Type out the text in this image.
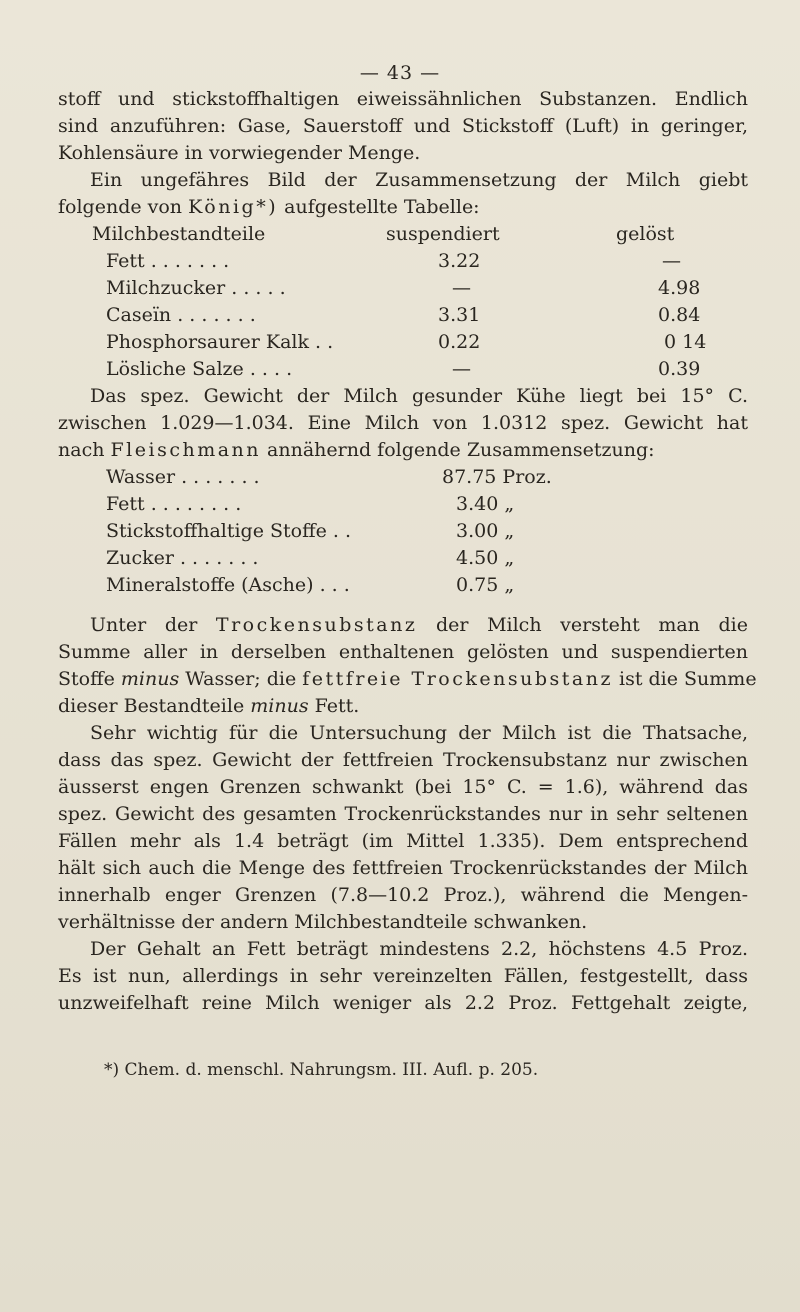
— 43 —
stoff und stickstoffhaltigen eiweissähnlichen Substanzen. Endlich
sind anzuführen: Gase, Sauerstoff und Stickstoff (Luft) in geringer,
Kohlensäure in vorwiegender Menge.
Ein ungefähres Bild der Zusammensetzung der Milch giebt
folgende von König*) aufgestellte Tabelle:
Milchbestandteile	suspendiert	gelöst
Fett . . . . . . .	3.22	—
Milchzucker . . . . .	—	4.98
Caseïn . . . . . . .	3.31	0.84
Phosphorsaurer Kalk . .	0.22	0 14
Lösliche Salze . . . .	—	0.39
Das spez. Gewicht der Milch gesunder Kühe liegt bei 15° C.
zwischen 1.029—1.034. Eine Milch von 1.0312 spez. Gewicht hat
nach Fleischmann annähernd folgende Zusammensetzung:
Wasser . . . . . . .	87.75 Proz.
Fett . . . . . . . .	3.40 „
Stickstoffhaltige Stoffe . .	3.00 „
Zucker . . . . . . .	4.50 „
Mineralstoffe (Asche) . . .	0.75 „
Unter der Trockensubstanz der Milch versteht man die
Summe aller in derselben enthaltenen gelösten und suspendierten
Stoffe minus Wasser; die fettfreie Trockensubstanz ist die Summe
dieser Bestandteile minus Fett.
Sehr wichtig für die Untersuchung der Milch ist die Thatsache,
dass das spez. Gewicht der fettfreien Trockensubstanz nur zwischen
äusserst engen Grenzen schwankt (bei 15° C. = 1.6), während das
spez. Gewicht des gesamten Trockenrückstandes nur in sehr seltenen
Fällen mehr als 1.4 beträgt (im Mittel 1.335). Dem entsprechend
hält sich auch die Menge des fettfreien Trockenrückstandes der Milch
innerhalb enger Grenzen (7.8—10.2 Proz.), während die Mengen-
verhältnisse der andern Milchbestandteile schwanken.
Der Gehalt an Fett beträgt mindestens 2.2, höchstens 4.5 Proz.
Es ist nun, allerdings in sehr vereinzelten Fällen, festgestellt, dass
unzweifelhaft reine Milch weniger als 2.2 Proz. Fettgehalt zeigte,
*) Chem. d. menschl. Nahrungsm. III. Aufl. p. 205.
